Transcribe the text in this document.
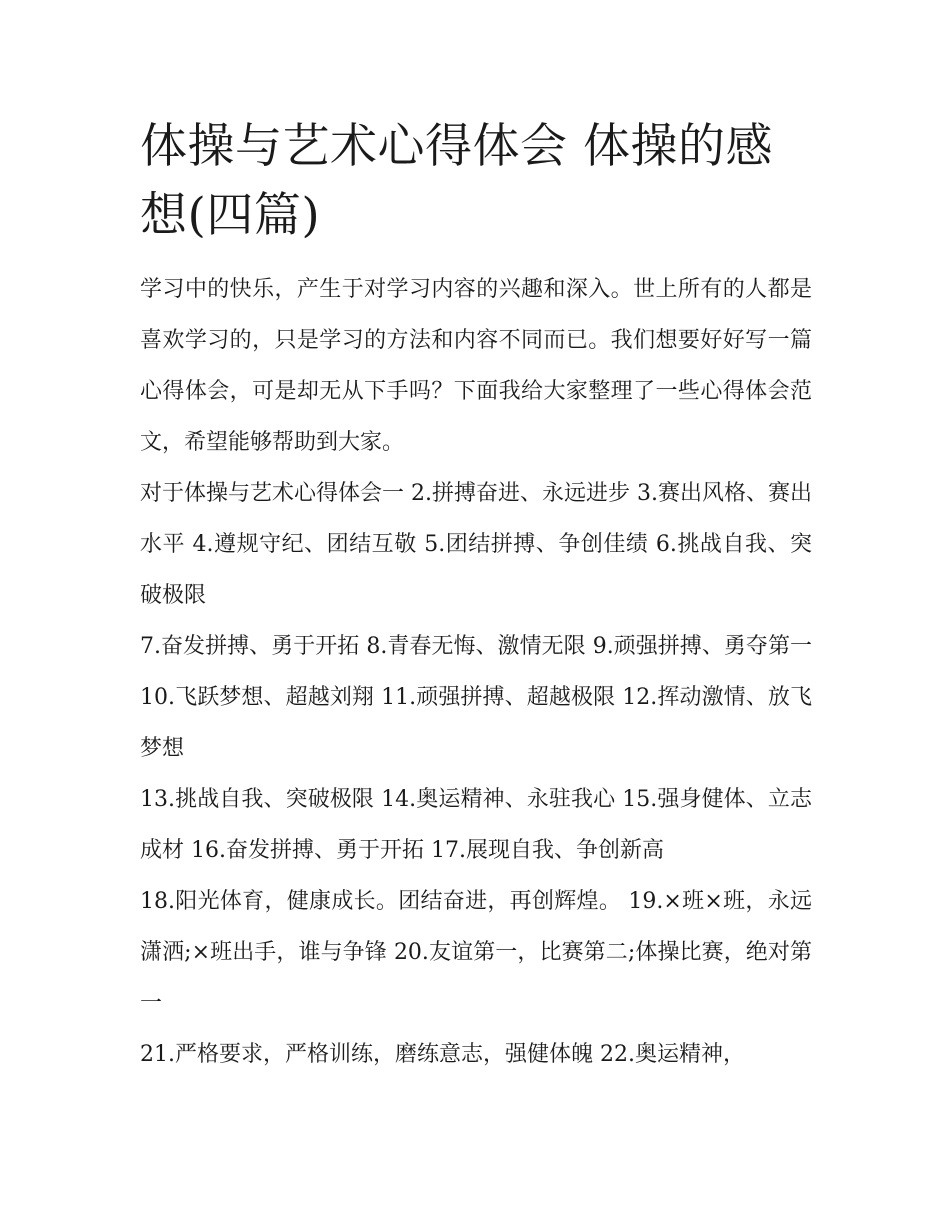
体操与艺术心得体会 体操的感想(四篇)

学习中的快乐，产生于对学习内容的兴趣和深入。世上所有的人都是喜欢学习的，只是学习的方法和内容不同而已。我们想要好好写一篇心得体会，可是却无从下手吗？下面我给大家整理了一些心得体会范文，希望能够帮助到大家。

对于体操与艺术心得体会一 2.拼搏奋进、永远进步 3.赛出风格、赛出水平 4.遵规守纪、团结互敬 5.团结拼搏、争创佳绩 6.挑战自我、突破极限

7.奋发拼搏、勇于开拓 8.青春无悔、激情无限 9.顽强拼搏、勇夺第一 10.飞跃梦想、超越刘翔 11.顽强拼搏、超越极限 12.挥动激情、放飞梦想

13.挑战自我、突破极限 14.奥运精神、永驻我心 15.强身健体、立志成材 16.奋发拼搏、勇于开拓 17.展现自我、争创新高

18.阳光体育，健康成长。团结奋进，再创辉煌。 19.×班×班，永远潇洒;×班出手，谁与争锋 20.友谊第一，比赛第二;体操比赛，绝对第一

21.严格要求，严格训练，磨练意志，强健体魄 22.奥运精神，
